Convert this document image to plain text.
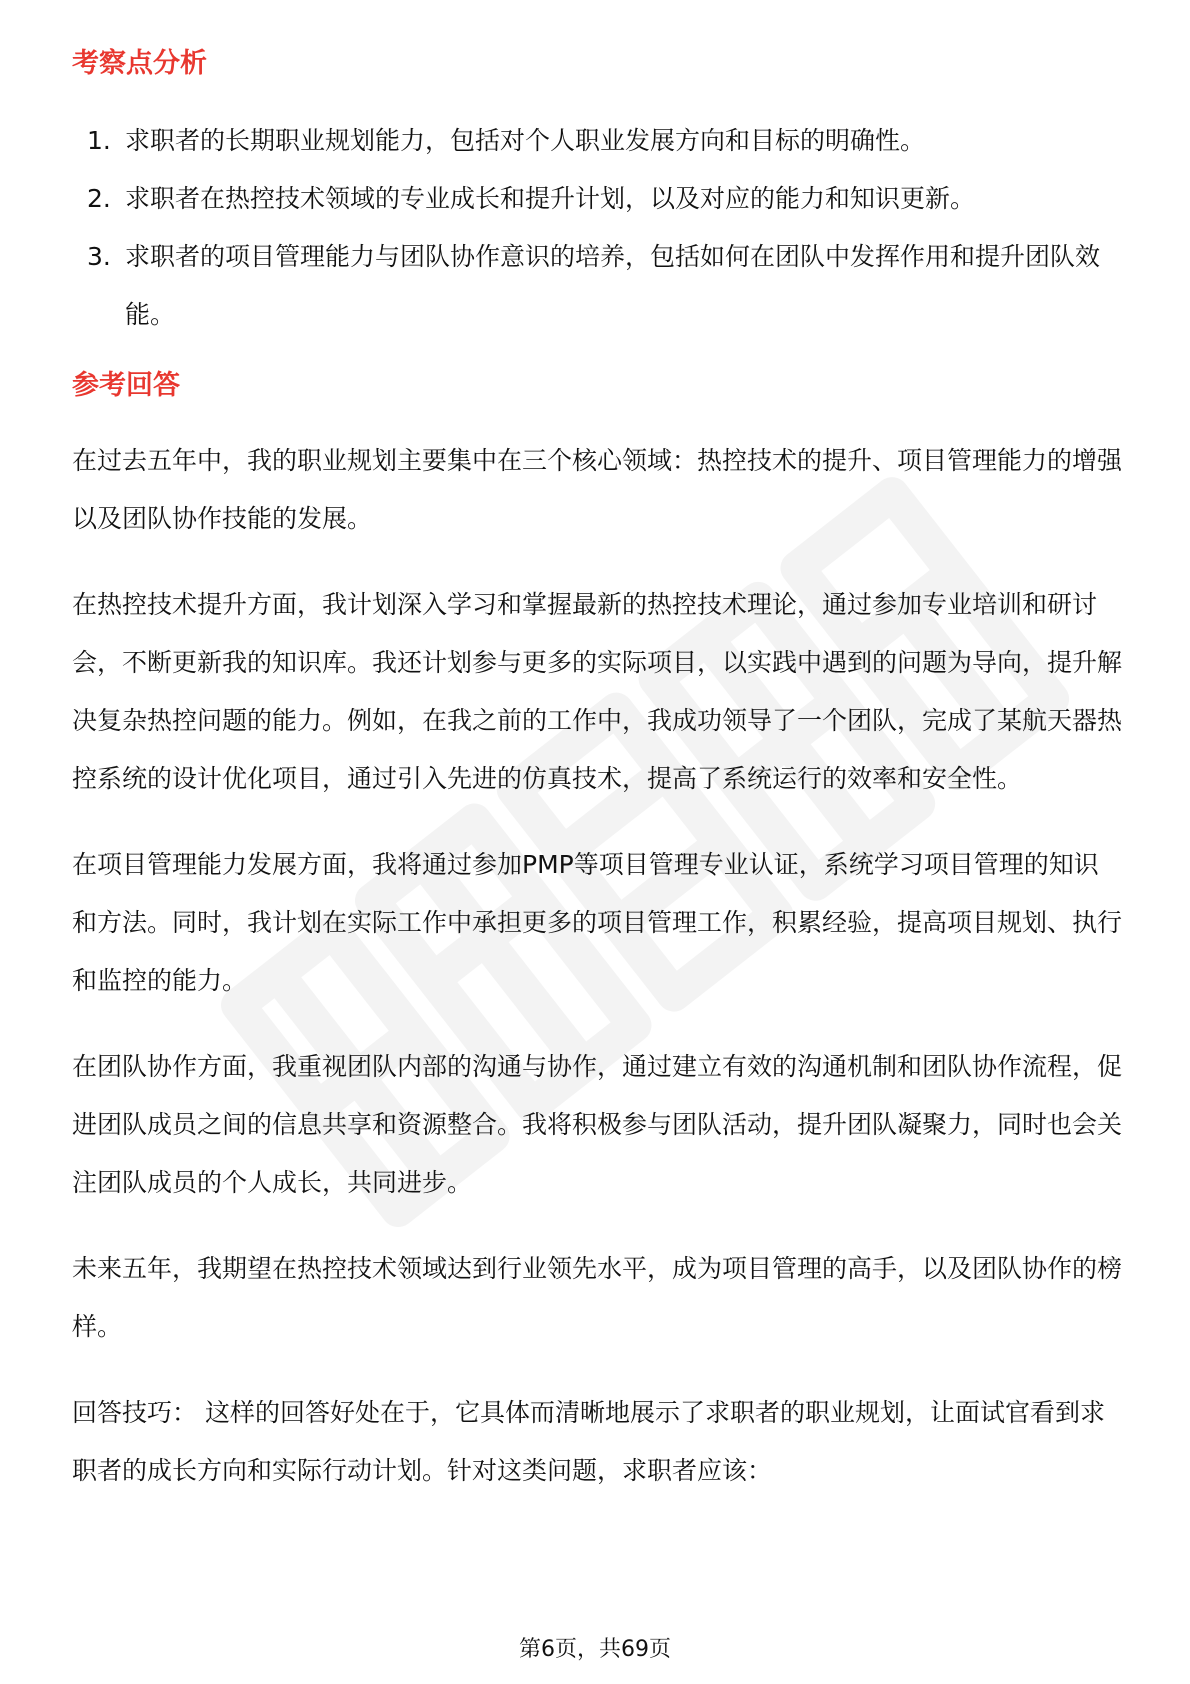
考察点分析
1. 求职者的长期职业规划能力，包括对个人职业发展方向和目标的明确性。
2. 求职者在热控技术领域的专业成长和提升计划，以及对应的能力和知识更新。
3. 求职者的项目管理能力与团队协作意识的培养，包括如何在团队中发挥作用和提升团队效能。
参考回答

在过去五年中，我的职业规划主要集中在三个核心领域：热控技术的提升、项目管理能力的增强以及团队协作技能的发展。

在热控技术提升方面，我计划深入学习和掌握最新的热控技术理论，通过参加专业培训和研讨会，不断更新我的知识库。我还计划参与更多的实际项目，以实践中遇到的问题为导向，提升解决复杂热控问题的能力。例如，在我之前的工作中，我成功领导了一个团队，完成了某航天器热控系统的设计优化项目，通过引入先进的仿真技术，提高了系统运行的效率和安全性。

在项目管理能力发展方面，我将通过参加PMP等项目管理专业认证，系统学习项目管理的知识和方法。同时，我计划在实际工作中承担更多的项目管理工作，积累经验，提高项目规划、执行和监控的能力。

在团队协作方面，我重视团队内部的沟通与协作，通过建立有效的沟通机制和团队协作流程，促进团队成员之间的信息共享和资源整合。我将积极参与团队活动，提升团队凝聚力，同时也会关注团队成员的个人成长，共同进步。

未来五年，我期望在热控技术领域达到行业领先水平，成为项目管理的高手，以及团队协作的榜样。

回答技巧： 这样的回答好处在于，它具体而清晰地展示了求职者的职业规划，让面试官看到求职者的成长方向和实际行动计划。针对这类问题，求职者应该：

第6页，共69页
